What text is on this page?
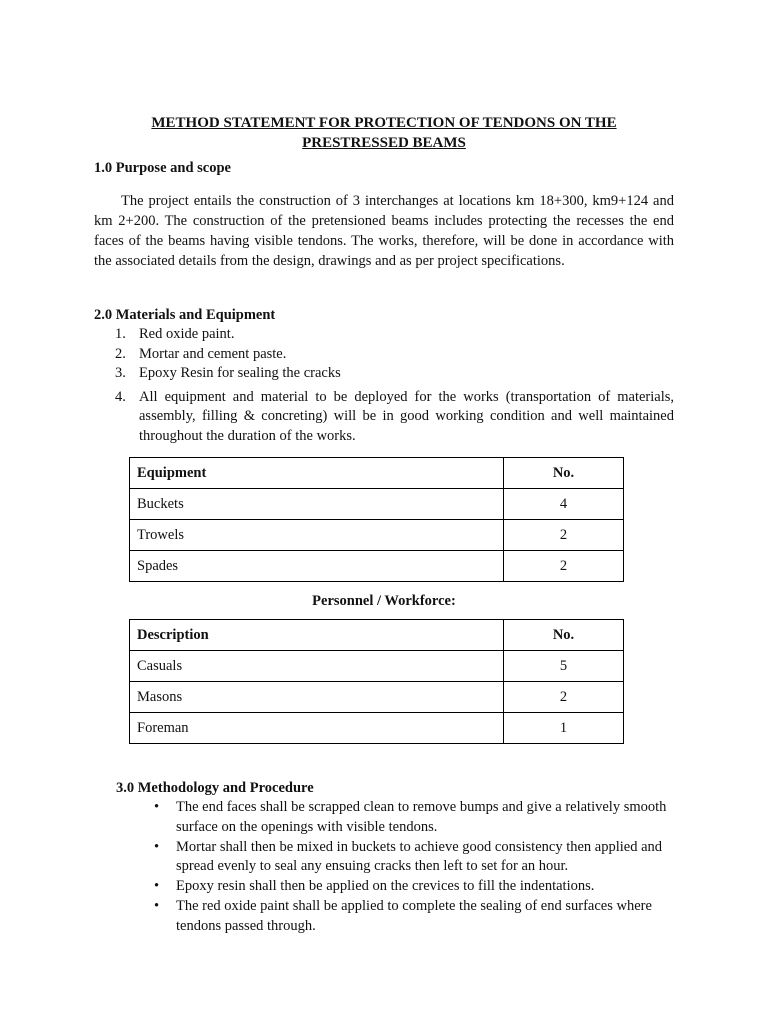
METHOD STATEMENT FOR PROTECTION OF TENDONS ON THE
PRESTRESSED BEAMS
1.0 Purpose and scope
The project entails the construction of 3 interchanges at locations km 18+300, km9+124 and km 2+200. The construction of the pretensioned beams includes protecting the recesses the end faces of the beams having visible tendons. The works, therefore, will be done in accordance with the associated details from the design, drawings and as per project specifications.
2.0 Materials and Equipment
1. Red oxide paint.
2. Mortar and cement paste.
3. Epoxy Resin for sealing the cracks
4. All equipment and material to be deployed for the works (transportation of materials, assembly, filling & concreting) will be in good working condition and well maintained throughout the duration of the works.
Equipment	No.
Buckets	4
Trowels	2
Spades	2
Personnel / Workforce:
Description	No.
Casuals	5
Masons	2
Foreman	1
3.0 Methodology and Procedure
• The end faces shall be scrapped clean to remove bumps and give a relatively smooth surface on the openings with visible tendons.
• Mortar shall then be mixed in buckets to achieve good consistency then applied and spread evenly to seal any ensuing cracks then left to set for an hour.
• Epoxy resin shall then be applied on the crevices to fill the indentations.
• The red oxide paint shall be applied to complete the sealing of end surfaces where tendons passed through.
